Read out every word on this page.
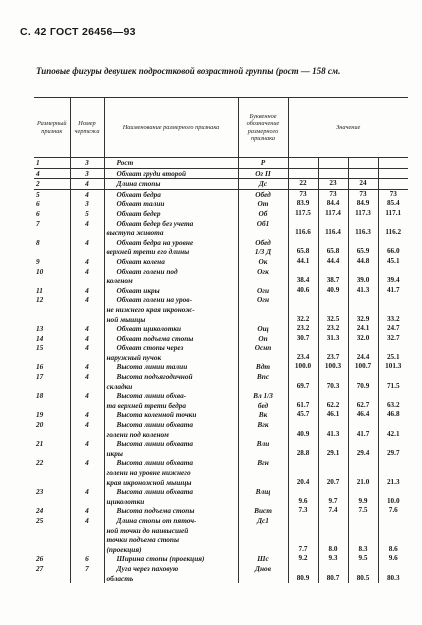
С. 42 ГОСТ 26456—93
Типовые фигуры девушек подростковой возрастной группы (рост — 158 см.
Размерный признак	Номер чертежа	Наименование размерного признака	Буквенное обозначение размерного признака	Значение			
1	3	Рост	P				
4	3	Обхват груди второй	Ог II				
2	4	Длина стопы	Дс	22	23	24	
5	4	Обхват бедра	Обед	73	73	73	73
6	3	Обхват талии	От	83.9	84.4	84.9	85.4
6	5	Обхват бедер	Об	117.5	117.4	117.3	117.1
7	4	Обхват бедер без учета	Об1				
		выступа живота		116.6	116.4	116.3	116.2
8	4	Обхват бедра на уровне	Обед				
		верхней трети его длины	1/3 Д	65.8	65.8	65.9	66.0
9	4	Обхват колена	Ок	44.1	44.4	44.8	45.1
10	4	Обхват голени под	Огк				
		коленом		38.4	38.7	39.0	39.4
11	4	Обхват икры	Оги	40.6	40.9	41.3	41.7
12	4	Обхват голени на уров-	Огн				
		не нижнего края икронож-					
		ной мышцы		32.2	32.5	32.9	33.2
13	4	Обхват щиколотки	Ощ	23.2	23.2	24.1	24.7
14	4	Обхват подъема стопы	Оп	30.7	31.3	32.0	32.7
15	4	Обхват стопы через	Ocнп				
		наружный пучок		23.4	23.7	24.4	25.1
16	4	Высота линии талии	Вдт	100.0	100.3	100.7	101.3
17	4	Высота подъягодичной	Впс				
		складки		69.7	70.3	70.9	71.5
18	4	Высота линии обхва-	Вл 1/3				
		та верхней трети бедра	бед	61.7	62.2	62.7	63.2
19	4	Высота коленной точки	Вк	45.7	46.1	46.4	46.8
20	4	Высота линии обхвата	Вгк				
		голени под коленом		40.9	41.3	41.7	42.1
21	4	Высота линии обхвата	Вли				
		икры		28.8	29.1	29.4	29.7
22	4	Высота линии обхвата	Вгн				
		голени на уровне нижнего					
		края икроножной мышцы		20.4	20.7	21.0	21.3
23	4	Высота линии обхвата	Влщ				
		щиколотки		9.6	9.7	9.9	10.0
24	4	Высота подъема стопы	Вист	7.3	7.4	7.5	7.6
25	4	Длина стопы от пяточ-	Дс1				
		ной точки до наивысшей					
		точки подъема стопы					
		(проекция)		7.7	8.0	8.3	8.6
26	6	Ширина стопы (проекция)	Шс	9.2	9.3	9.5	9.6
27	7	Дуга через паховую	Днов				
		область		80.9	80.7	80.5	80.3
